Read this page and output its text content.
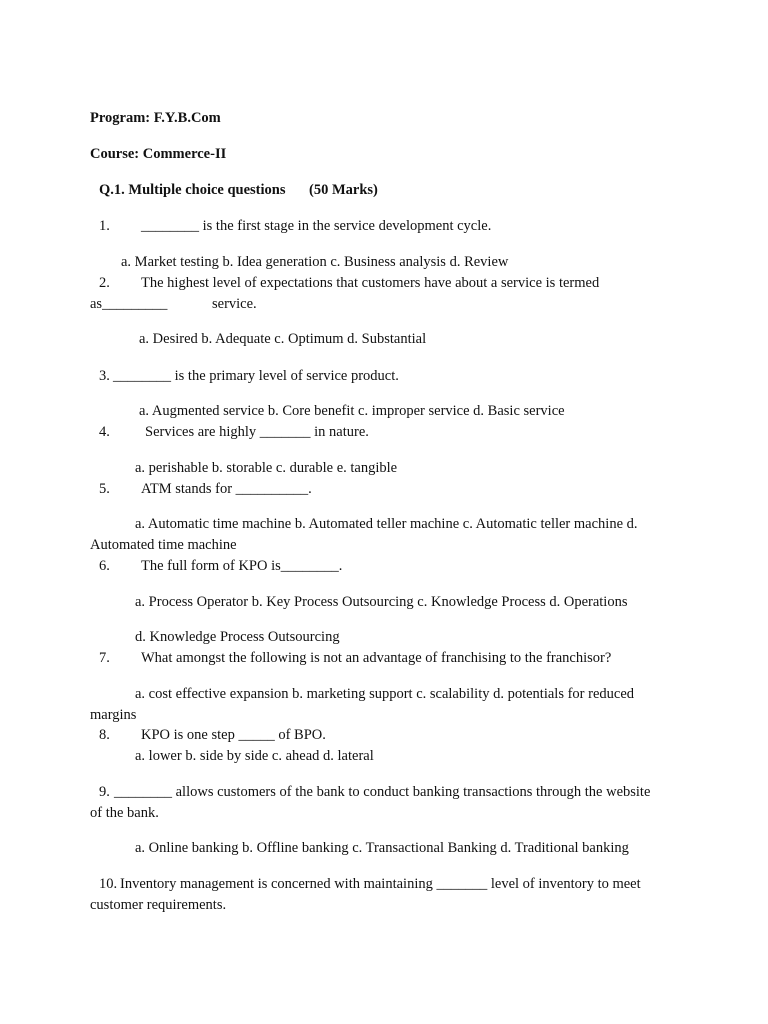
Program: F.Y.B.Com
Course: Commerce-II
Q.1. Multiple choice questions (50 Marks)
1. ________ is the first stage in the service development cycle.
a. Market testing b. Idea generation c. Business analysis d. Review
2. The highest level of expectations that customers have about a service is termed
as_________	service.
a. Desired b. Adequate c. Optimum d. Substantial
3. ________ is the primary level of service product.
a. Augmented service b. Core benefit c. improper service d. Basic service
4. Services are highly _______ in nature.
a. perishable b. storable c. durable e. tangible
5. ATM stands for __________.
a. Automatic time machine b. Automated teller machine c. Automatic teller machine d.
Automated time machine
6. The full form of KPO is________.
a. Process Operator b. Key Process Outsourcing c. Knowledge Process d. Operations
d. Knowledge Process Outsourcing
7. What amongst the following is not an advantage of franchising to the franchisor?
a. cost effective expansion b. marketing support c. scalability d. potentials for reduced
margins
8. KPO is one step _____ of BPO.
a. lower b. side by side c. ahead d. lateral
9. ________ allows customers of the bank to conduct banking transactions through the website
of the bank.
a. Online banking b. Offline banking c. Transactional Banking d. Traditional banking
10. Inventory management is concerned with maintaining _______ level of inventory to meet
customer requirements.
